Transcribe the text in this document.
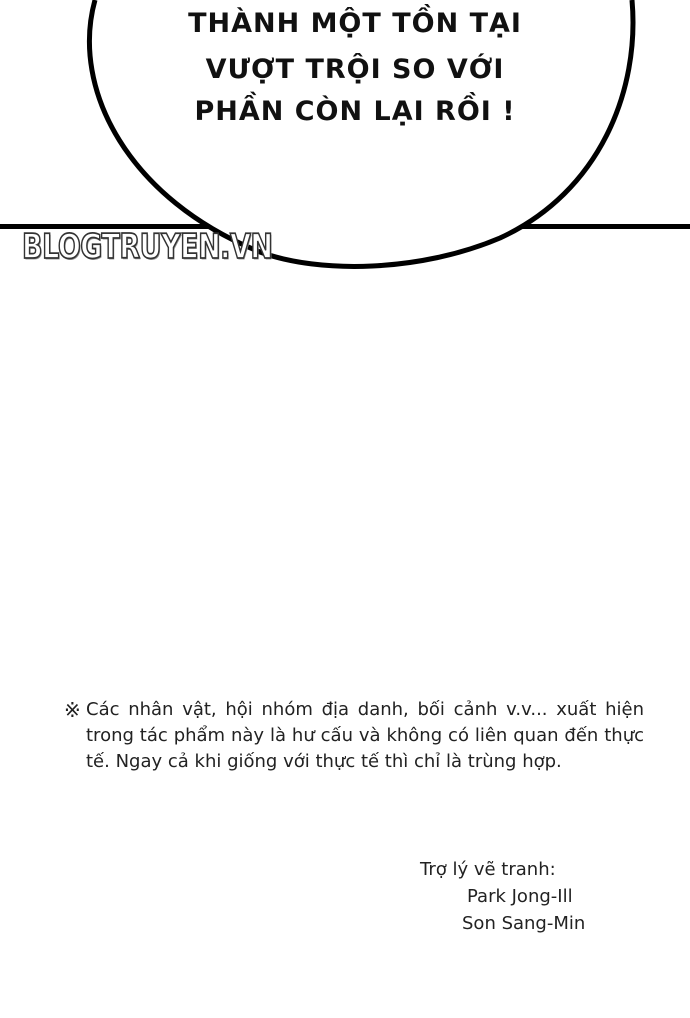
THÀNH MỘT TỒN TẠI
VƯỢT TRỘI SO VỚI
PHẦN CÒN LẠI RỒI !
BLOGTRUYEN.VN
※ Các nhân vật, hội nhóm địa danh, bối cảnh v.v... xuất hiện trong tác phẩm này là hư cấu và không có liên quan đến thực tế. Ngay cả khi giống với thực tế thì chỉ là trùng hợp.
Trợ lý vẽ tranh:
Park Jong-Ill
Son Sang-Min
